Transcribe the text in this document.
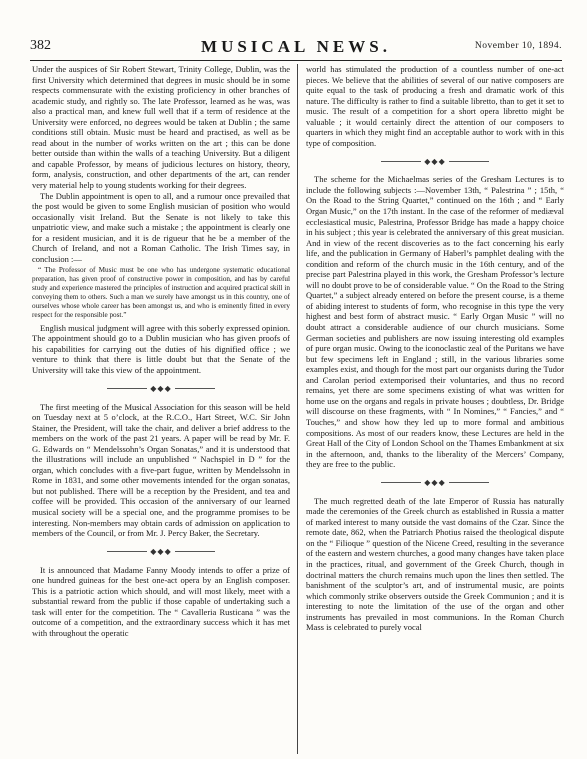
382	MUSICAL NEWS.	November 10, 1894.

Under the auspices of Sir Robert Stewart, Trinity College, Dublin, was the first University which determined that degrees in music should be in some respects commensurate with the existing proficiency in other branches of academic study, and rightly so. The late Professor, learned as he was, was also a practical man, and knew full well that if a term of residence at the University were enforced, no degrees would be taken at Dublin ; the same conditions still obtain. Music must be heard and practised, as well as be read about in the number of works written on the art ; this can be done better outside than within the walls of a teaching University. But a diligent and capable Professor, by means of judicious lectures on history, theory, form, analysis, construction, and other departments of the art, can render very material help to young students working for their degrees.

The Dublin appointment is open to all, and a rumour once prevailed that the post would be given to some English musician of position who would occasionally visit Ireland. But the Senate is not likely to take this unpatriotic view, and make such a mistake ; the appointment is clearly one for a resident musician, and it is de rigueur that he be a member of the Church of Ireland, and not a Roman Catholic. The Irish Times say, in conclusion :—

“ The Professor of Music must be one who has undergone systematic educational preparation, has given proof of constructive power in composition, and has by careful study and experience mastered the principles of instruction and acquired practical skill in conveying them to others. Such a man we surely have amongst us in this country, one of ourselves whose whole career has been amongst us, and who is eminently fitted in every respect for the responsible post.”

English musical judgment will agree with this soberly expressed opinion. The appointment should go to a Dublin musician who has given proofs of his capabilities for carrying out the duties of his dignified office ; we venture to think that there is little doubt but that the Senate of the University will take this view of the appointment.

◆◆◆

The first meeting of the Musical Association for this season will be held on Tuesday next at 5 o’clock, at the R.C.O., Hart Street, W.C. Sir John Stainer, the President, will take the chair, and deliver a brief address to the members on the work of the past 21 years. A paper will be read by Mr. F. G. Edwards on “ Mendelssohn’s Organ Sonatas,” and it is understood that the illustrations will include an unpublished “ Nachspiel in D ” for the organ, which concludes with a five-part fugue, written by Mendelssohn in Rome in 1831, and some other movements intended for the organ sonatas, but not published. There will be a reception by the President, and tea and coffee will be provided. This occasion of the anniversary of our learned musical society will be a special one, and the programme promises to be interesting. Non-members may obtain cards of admission on application to members of the Council, or from Mr. J. Percy Baker, the Secretary.

◆◆◆

It is announced that Madame Fanny Moody intends to offer a prize of one hundred guineas for the best one-act opera by an English composer. This is a patriotic action which should, and will most likely, meet with a substantial reward from the public if those capable of undertaking such a task will enter for the competition. The “ Cavalleria Rusticana ” was the outcome of a competition, and the extraordinary success which it has met with throughout the operatic

world has stimulated the production of a countless number of one-act pieces. We believe that the abilities of several of our native composers are quite equal to the task of producing a fresh and dramatic work of this nature. The difficulty is rather to find a suitable libretto, than to get it set to music. The result of a competition for a short opera libretto might be valuable ; it would certainly direct the attention of our composers to quarters in which they might find an acceptable author to work with in this type of composition.

◆◆◆

The scheme for the Michaelmas series of the Gresham Lectures is to include the following subjects :—November 13th, “ Palestrina ” ; 15th, “ On the Road to the String Quartet,” continued on the 16th ; and “ Early Organ Music,” on the 17th instant. In the case of the reformer of mediæval ecclesiastical music, Palestrina, Professor Bridge has made a happy choice in his subject ; this year is celebrated the anniversary of this great musician. And in view of the recent discoveries as to the fact concerning his early life, and the publication in Germany of Haberl’s pamphlet dealing with the condition and reform of the church music in the 16th century, and of the precise part Palestrina played in this work, the Gresham Professor’s lecture will no doubt prove to be of considerable value. “ On the Road to the String Quartet,” a subject already entered on before the present course, is a theme of abiding interest to students of form, who recognise in this type the very highest and best form of abstract music. “ Early Organ Music ” will no doubt attract a considerable audience of our church musicians. Some German societies and publishers are now issuing interesting old examples of pure organ music. Owing to the iconoclastic zeal of the Puritans we have but few specimens left in England ; still, in the various libraries some examples exist, and though for the most part our organists during the Tudor and Carolan period extemporised their voluntaries, and thus no record remains, yet there are some specimens existing of what was written for home use on the organs and regals in private houses ; doubtless, Dr. Bridge will discourse on these fragments, with “ In Nomines,” “ Fancies,” and “ Touches,” and show how they led up to more formal and ambitious compositions. As most of our readers know, these Lectures are held in the Great Hall of the City of London School on the Thames Embankment at six in the afternoon, and, thanks to the liberality of the Mercers’ Company, they are free to the public.

◆◆◆

The much regretted death of the late Emperor of Russia has naturally made the ceremonies of the Greek church as established in Russia a matter of marked interest to many outside the vast domains of the Czar. Since the remote date, 862, when the Patriarch Photius raised the theological dispute on the “ Filioque ” question of the Nicene Creed, resulting in the severance of the eastern and western churches, a good many changes have taken place in the practices, ritual, and government of the Greek Church, though in doctrinal matters the church remains much upon the lines then settled. The banishment of the sculptor’s art, and of instrumental music, are points which commonly strike observers outside the Greek Communion ; and it is interesting to note the limitation of the use of the organ and other instruments has prevailed in most communions. In the Roman Church Mass is celebrated to purely vocal
